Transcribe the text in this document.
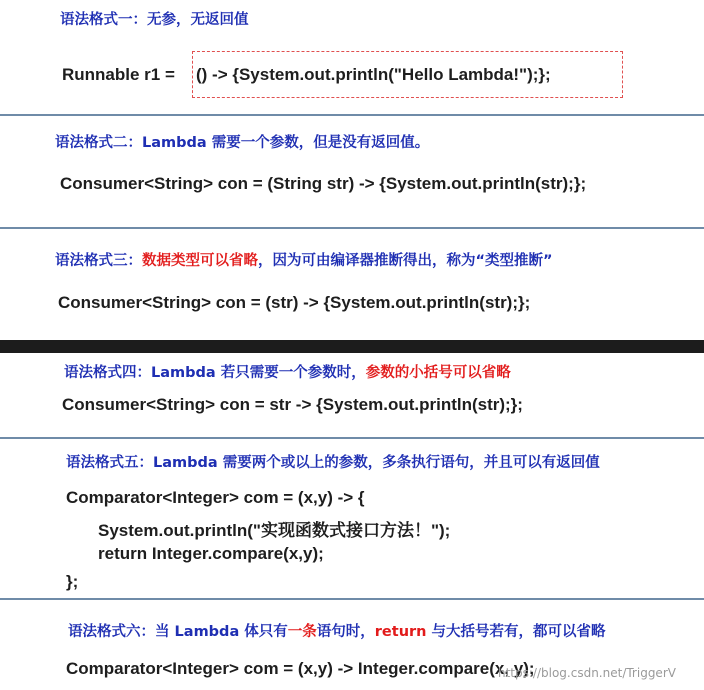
语法格式一：无参，无返回值
Runnable r1 = () -> {System.out.println("Hello Lambda!");};
语法格式二：Lambda 需要一个参数，但是没有返回值。
Consumer<String> con = (String str) -> {System.out.println(str);};
语法格式三：数据类型可以省略，因为可由编译器推断得出，称为“类型推断”
Consumer<String> con = (str) -> {System.out.println(str);};
语法格式四：Lambda 若只需要一个参数时，参数的小括号可以省略
Consumer<String> con = str -> {System.out.println(str);};
语法格式五：Lambda 需要两个或以上的参数，多条执行语句，并且可以有返回值
Comparator<Integer> com = (x,y) -> {
System.out.println("实现函数式接口方法！");
return Integer.compare(x,y);
};
语法格式六：当 Lambda 体只有一条语句时，return 与大括号若有，都可以省略
Comparator<Integer> com = (x,y) -> Integer.compare(x, y);
https://blog.csdn.net/TriggerV
